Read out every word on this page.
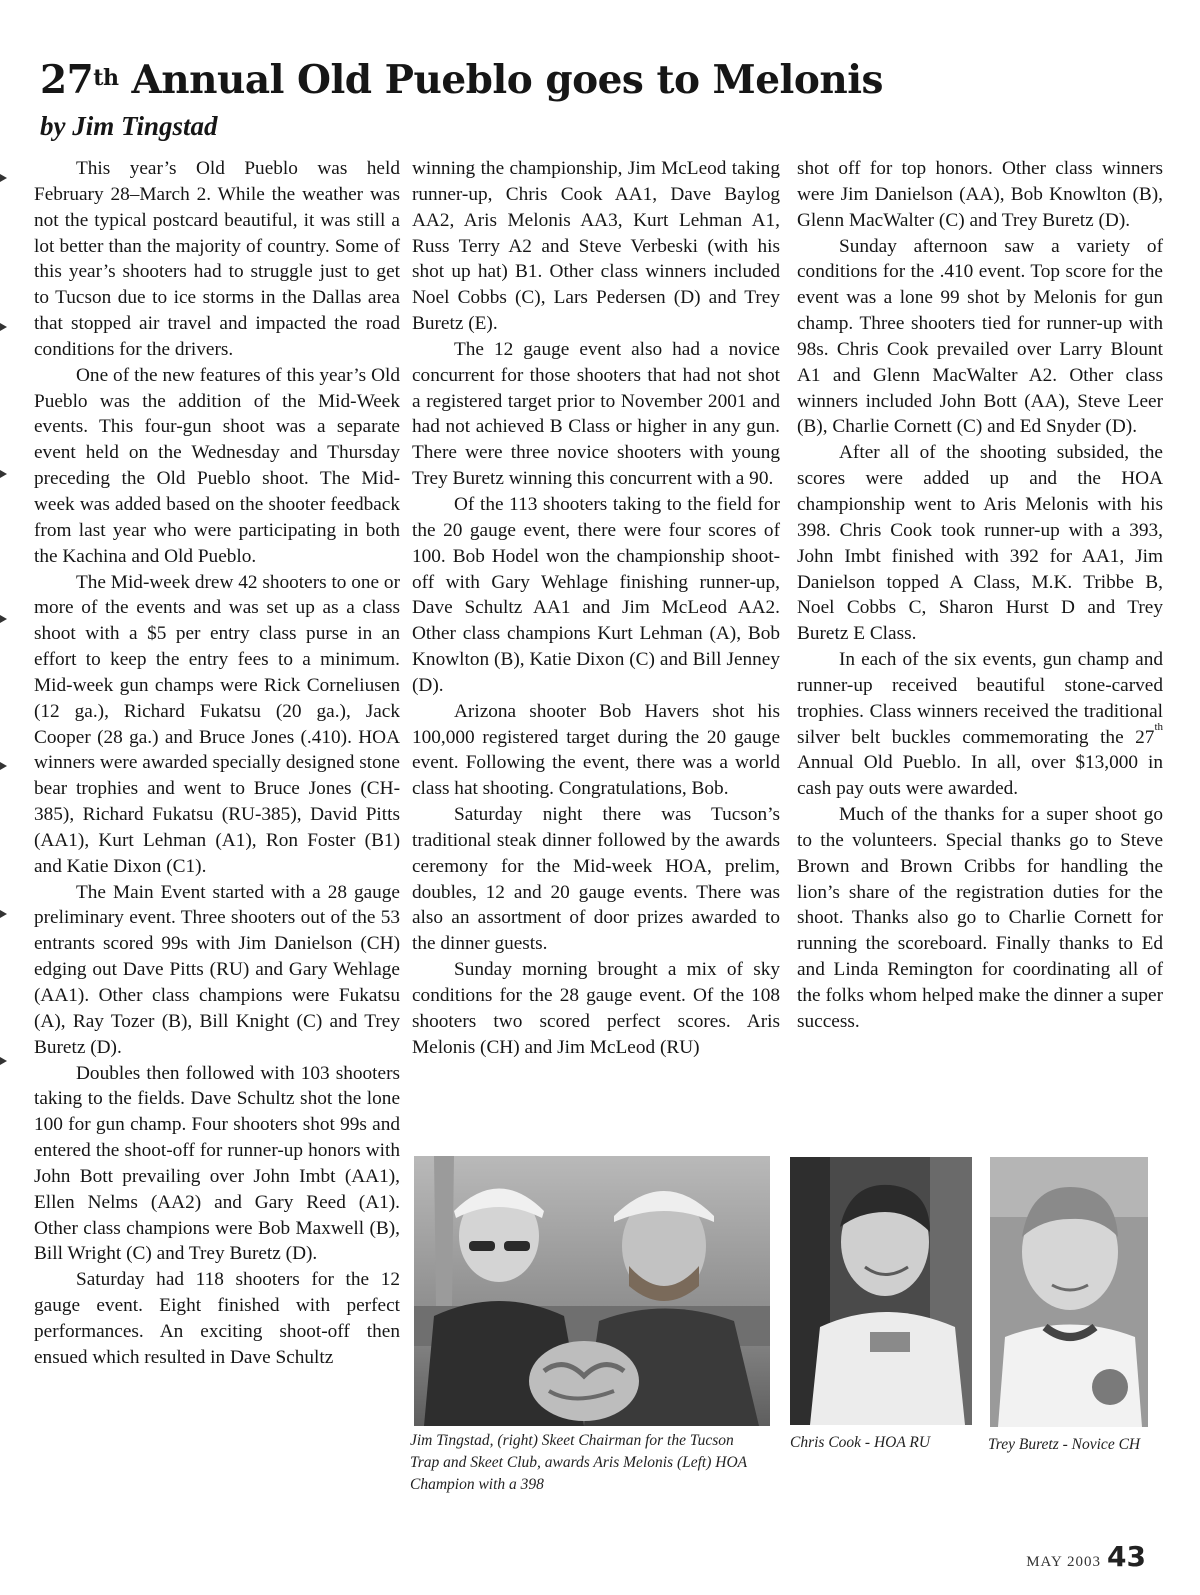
27th Annual Old Pueblo goes to Melonis
by Jim Tingstad

This year’s Old Pueblo was held February 28–March 2. While the weather was not the typical postcard beautiful, it was still a lot better than the majority of country. Some of this year’s shooters had to struggle just to get to Tucson due to ice storms in the Dallas area that stopped air travel and impacted the road conditions for the drivers.

One of the new features of this year’s Old Pueblo was the addition of the Mid-Week events. This four-gun shoot was a separate event held on the Wednesday and Thursday preceding the Old Pueblo shoot. The Mid-week was added based on the shooter feedback from last year who were participating in both the Kachina and Old Pueblo.

The Mid-week drew 42 shooters to one or more of the events and was set up as a class shoot with a $5 per entry class purse in an effort to keep the entry fees to a minimum. Mid-week gun champs were Rick Corneliusen (12 ga.), Richard Fukatsu (20 ga.), Jack Cooper (28 ga.) and Bruce Jones (.410). HOA winners were awarded specially designed stone bear trophies and went to Bruce Jones (CH-385), Richard Fukatsu (RU-385), David Pitts (AA1), Kurt Lehman (A1), Ron Foster (B1) and Katie Dixon (C1).

The Main Event started with a 28 gauge preliminary event. Three shooters out of the 53 entrants scored 99s with Jim Danielson (CH) edging out Dave Pitts (RU) and Gary Wehlage (AA1). Other class champions were Fukatsu (A), Ray Tozer (B), Bill Knight (C) and Trey Buretz (D).

Doubles then followed with 103 shooters taking to the fields. Dave Schultz shot the lone 100 for gun champ. Four shooters shot 99s and entered the shoot-off for runner-up honors with John Bott prevailing over John Imbt (AA1), Ellen Nelms (AA2) and Gary Reed (A1). Other class champions were Bob Maxwell (B), Bill Wright (C) and Trey Buretz (D).

Saturday had 118 shooters for the 12 gauge event. Eight finished with perfect performances. An exciting shoot-off then ensued which resulted in Dave Schultz

winning the championship, Jim McLeod taking runner-up, Chris Cook AA1, Dave Baylog AA2, Aris Melonis AA3, Kurt Lehman A1, Russ Terry A2 and Steve Verbeski (with his shot up hat) B1. Other class winners included Noel Cobbs (C), Lars Pedersen (D) and Trey Buretz (E).

The 12 gauge event also had a novice concurrent for those shooters that had not shot a registered target prior to November 2001 and had not achieved B Class or higher in any gun. There were three novice shooters with young Trey Buretz winning this concurrent with a 90.

Of the 113 shooters taking to the field for the 20 gauge event, there were four scores of 100. Bob Hodel won the championship shoot-off with Gary Wehlage finishing runner-up, Dave Schultz AA1 and Jim McLeod AA2. Other class champions Kurt Lehman (A), Bob Knowlton (B), Katie Dixon (C) and Bill Jenney (D).

Arizona shooter Bob Havers shot his 100,000 registered target during the 20 gauge event. Following the event, there was a world class hat shooting. Congratulations, Bob.

Saturday night there was Tucson’s traditional steak dinner followed by the awards ceremony for the Mid-week HOA, prelim, doubles, 12 and 20 gauge events. There was also an assortment of door prizes awarded to the dinner guests.

Sunday morning brought a mix of sky conditions for the 28 gauge event. Of the 108 shooters two scored perfect scores. Aris Melonis (CH) and Jim McLeod (RU)

shot off for top honors. Other class winners were Jim Danielson (AA), Bob Knowlton (B), Glenn MacWalter (C) and Trey Buretz (D).

Sunday afternoon saw a variety of conditions for the .410 event. Top score for the event was a lone 99 shot by Melonis for gun champ. Three shooters tied for runner-up with 98s. Chris Cook prevailed over Larry Blount A1 and Glenn MacWalter A2. Other class winners included John Bott (AA), Steve Leer (B), Charlie Cornett (C) and Ed Snyder (D).

After all of the shooting subsided, the scores were added up and the HOA championship went to Aris Melonis with his 398. Chris Cook took runner-up with a 393, John Imbt finished with 392 for AA1, Jim Danielson topped A Class, M.K. Tribbe B, Noel Cobbs C, Sharon Hurst D and Trey Buretz E Class.

In each of the six events, gun champ and runner-up received beautiful stone-carved trophies. Class winners received the traditional silver belt buckles commemorating the 27th Annual Old Pueblo. In all, over $13,000 in cash pay outs were awarded.

Much of the thanks for a super shoot go to the volunteers. Special thanks go to Steve Brown and Brown Cribbs for handling the lion’s share of the registration duties for the shoot. Thanks also go to Charlie Cornett for running the scoreboard. Finally thanks to Ed and Linda Remington for coordinating all of the folks whom helped make the dinner a super success.

Jim Tingstad, (right) Skeet Chairman for the Tucson Trap and Skeet Club, awards Aris Melonis (Left) HOA Champion with a 398
Chris Cook - HOA RU	Trey Buretz - Novice CH
MAY 2003 43
